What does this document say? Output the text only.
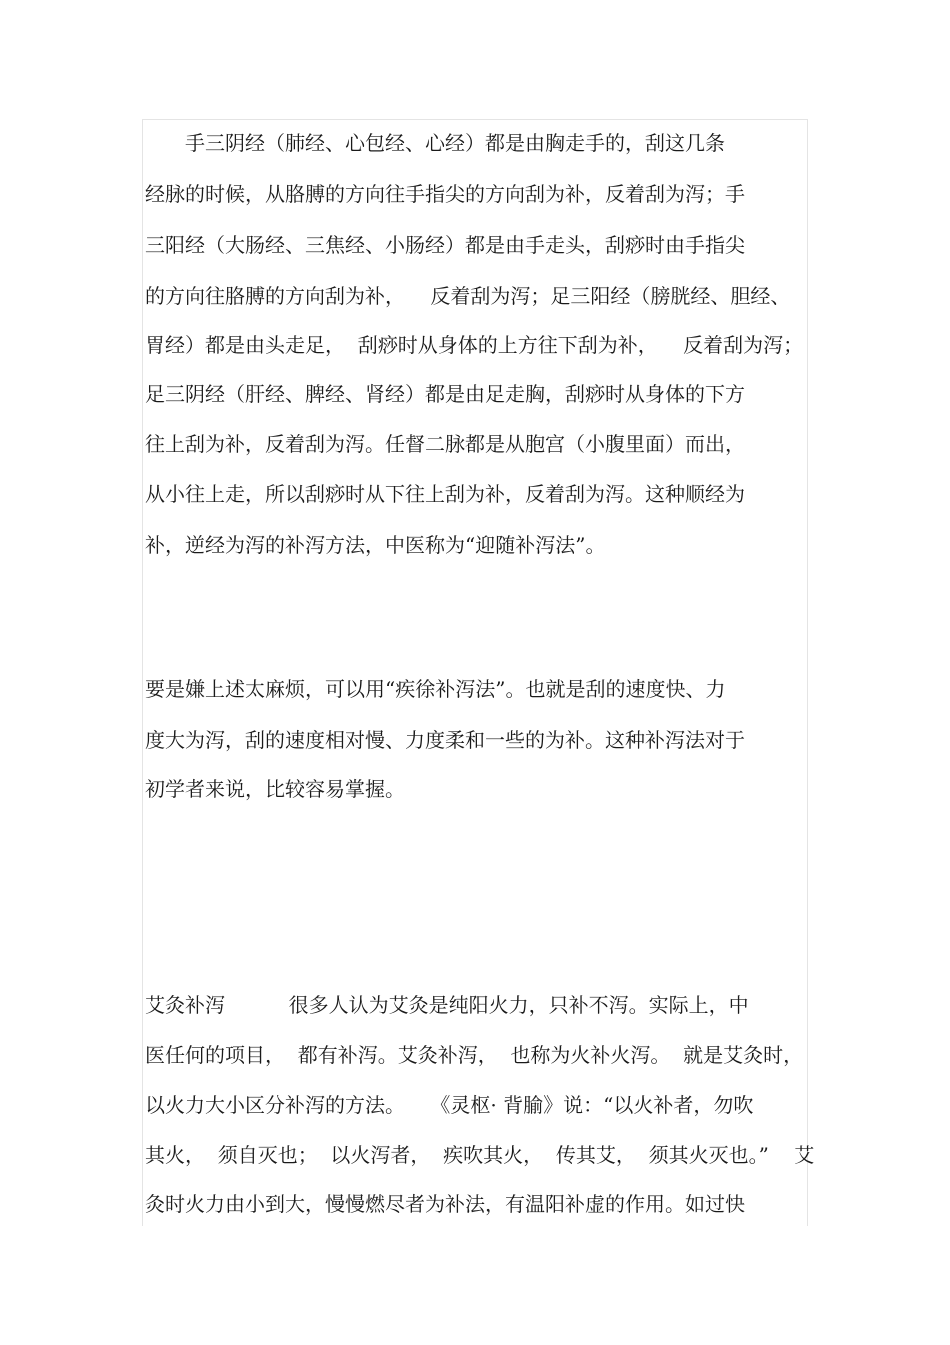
　　手三阴经（肺经、心包经、心经）都是由胸走手的，刮这几条
经脉的时候，从胳膊的方向往手指尖的方向刮为补，反着刮为泻；手
三阳经（大肠经、三焦经、小肠经）都是由手走头，刮痧时由手指尖
的方向往胳膊的方向刮为补，    反着刮为泻；足三阳经（膀胱经、胆经、
胃经）都是由头走足，  刮痧时从身体的上方往下刮为补，    反着刮为泻；
足三阴经（肝经、脾经、肾经）都是由足走胸，刮痧时从身体的下方
往上刮为补，反着刮为泻。任督二脉都是从胞宫（小腹里面）而出，
从小往上走，所以刮痧时从下往上刮为补，反着刮为泻。这种顺经为
补，逆经为泻的补泻方法，中医称为“迎随补泻法”。
要是嫌上述太麻烦，可以用“疾徐补泻法”。也就是刮的速度快、力
度大为泻，刮的速度相对慢、力度柔和一些的为补。这种补泻法对于
初学者来说，比较容易掌握。
艾灸补泻          很多人认为艾灸是纯阳火力，只补不泻。实际上，中
医任何的项目，  都有补泻。艾灸补泻，  也称为火补火泻。  就是艾灸时，
以火力大小区分补泻的方法。    《灵枢· 背腧》说：“以火补者，勿吹
其火，  须自灭也；  以火泻者，  疾吹其火，  传其艾，  须其火灭也。”    艾
灸时火力由小到大，慢慢燃尽者为补法，有温阳补虚的作用。如过快
